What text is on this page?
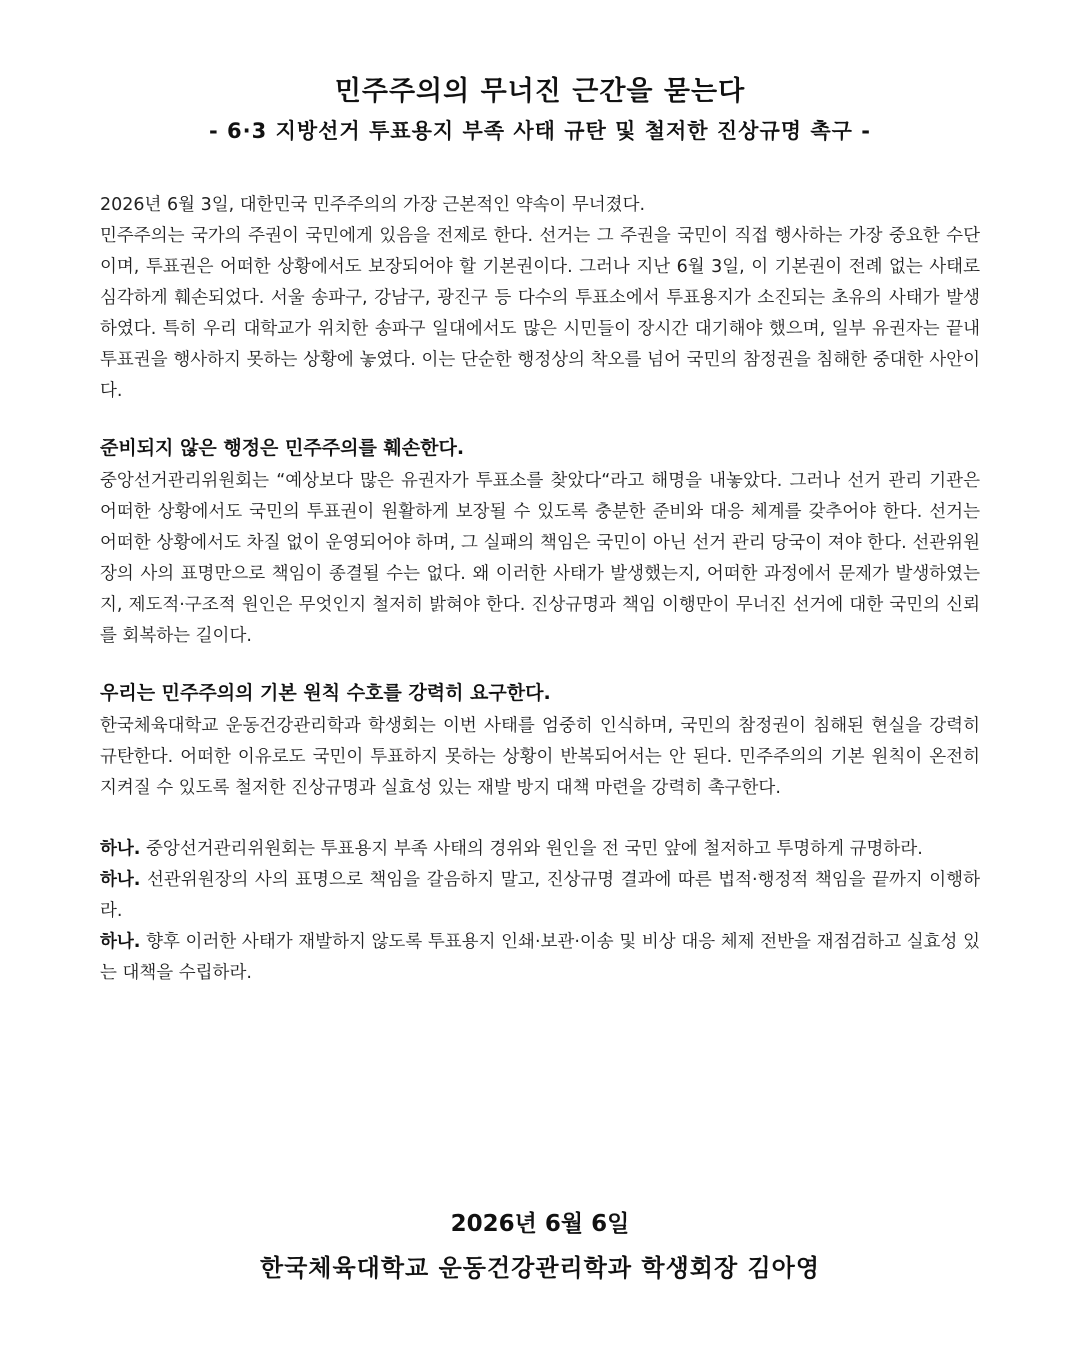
민주주의의 무너진 근간을 묻는다
- 6·3 지방선거 투표용지 부족 사태 규탄 및 철저한 진상규명 촉구 -

2026년 6월 3일, 대한민국 민주주의의 가장 근본적인 약속이 무너졌다.

민주주의는 국가의 주권이 국민에게 있음을 전제로 한다. 선거는 그 주권을 국민이 직접 행사하는 가장 중요한 수단이며, 투표권은 어떠한 상황에서도 보장되어야 할 기본권이다. 그러나 지난 6월 3일, 이 기본권이 전례 없는 사태로 심각하게 훼손되었다. 서울 송파구, 강남구, 광진구 등 다수의 투표소에서 투표용지가 소진되는 초유의 사태가 발생하였다. 특히 우리 대학교가 위치한 송파구 일대에서도 많은 시민들이 장시간 대기해야 했으며, 일부 유권자는 끝내 투표권을 행사하지 못하는 상황에 놓였다. 이는 단순한 행정상의 착오를 넘어 국민의 참정권을 침해한 중대한 사안이다.

준비되지 않은 행정은 민주주의를 훼손한다.

중앙선거관리위원회는 “예상보다 많은 유권자가 투표소를 찾았다“라고 해명을 내놓았다. 그러나 선거 관리 기관은 어떠한 상황에서도 국민의 투표권이 원활하게 보장될 수 있도록 충분한 준비와 대응 체계를 갖추어야 한다. 선거는 어떠한 상황에서도 차질 없이 운영되어야 하며, 그 실패의 책임은 국민이 아닌 선거 관리 당국이 져야 한다. 선관위원장의 사의 표명만으로 책임이 종결될 수는 없다. 왜 이러한 사태가 발생했는지, 어떠한 과정에서 문제가 발생하였는지, 제도적·구조적 원인은 무엇인지 철저히 밝혀야 한다. 진상규명과 책임 이행만이 무너진 선거에 대한 국민의 신뢰를 회복하는 길이다.

우리는 민주주의의 기본 원칙 수호를 강력히 요구한다.

한국체육대학교 운동건강관리학과 학생회는 이번 사태를 엄중히 인식하며, 국민의 참정권이 침해된 현실을 강력히 규탄한다. 어떠한 이유로도 국민이 투표하지 못하는 상황이 반복되어서는 안 된다. 민주주의의 기본 원칙이 온전히 지켜질 수 있도록 철저한 진상규명과 실효성 있는 재발 방지 대책 마련을 강력히 촉구한다.

하나. 중앙선거관리위원회는 투표용지 부족 사태의 경위와 원인을 전 국민 앞에 철저하고 투명하게 규명하라.
하나. 선관위원장의 사의 표명으로 책임을 갈음하지 말고, 진상규명 결과에 따른 법적·행정적 책임을 끝까지 이행하라.
하나. 향후 이러한 사태가 재발하지 않도록 투표용지 인쇄·보관·이송 및 비상 대응 체제 전반을 재점검하고 실효성 있는 대책을 수립하라.
2026년 6월 6일
한국체육대학교 운동건강관리학과 학생회장 김아영
